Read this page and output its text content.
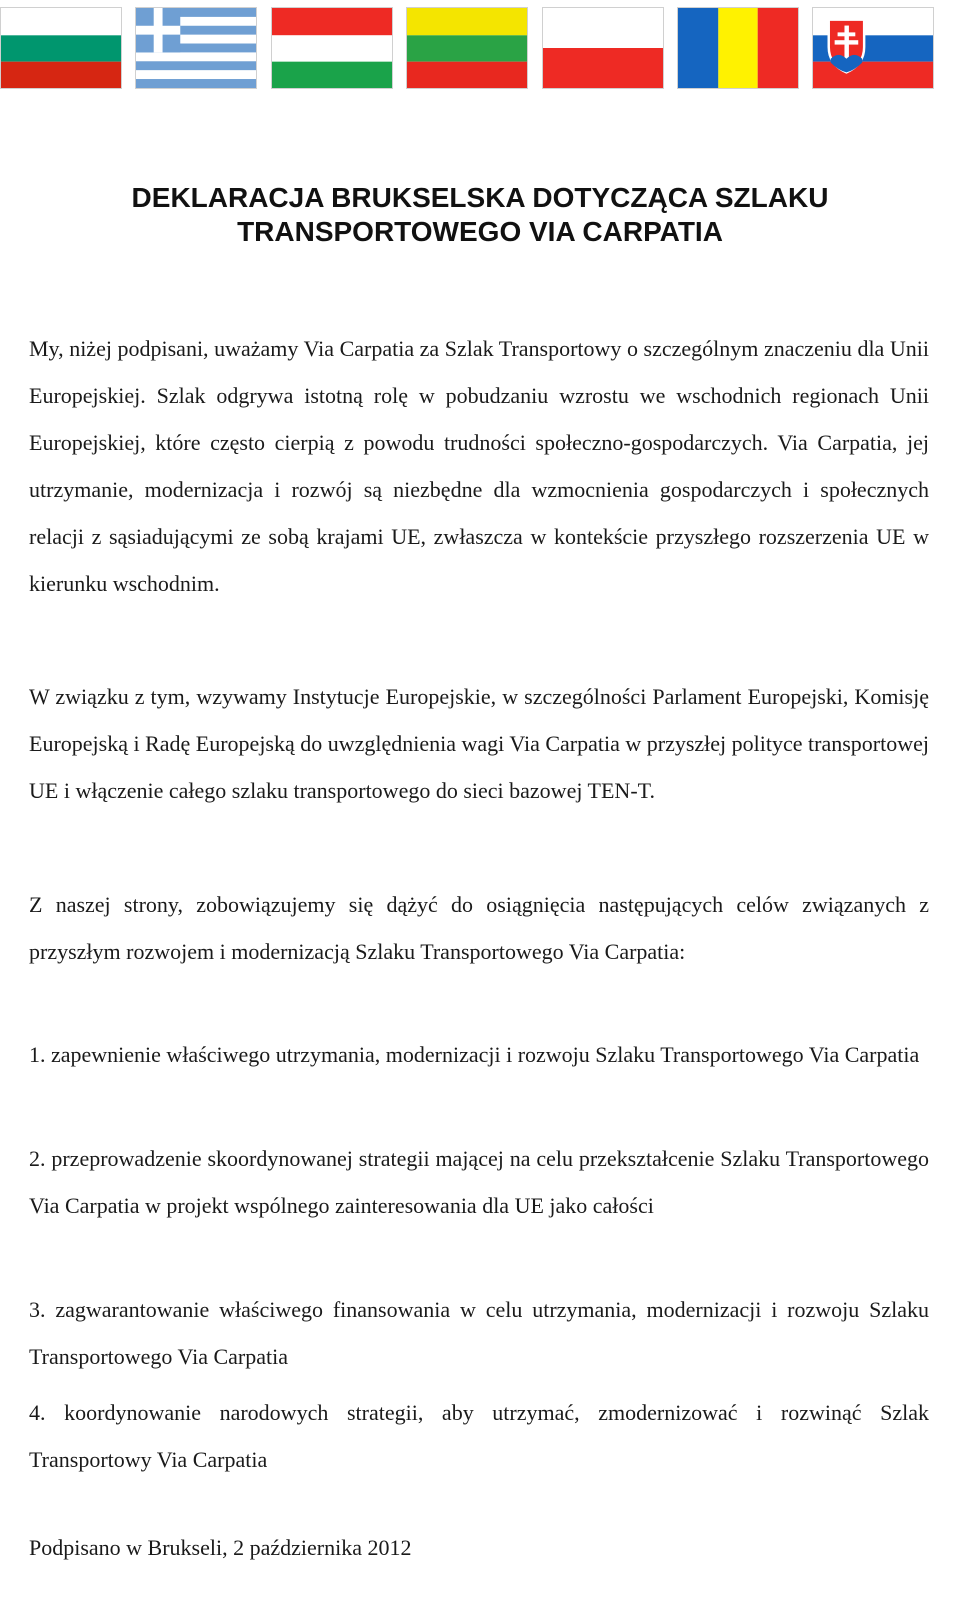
DEKLARACJA BRUKSELSKA DOTYCZĄCA SZLAKU
TRANSPORTOWEGO VIA CARPATIA

My, niżej podpisani, uważamy Via Carpatia za Szlak Transportowy o szczególnym znaczeniu dla Unii Europejskiej. Szlak odgrywa istotną rolę w pobudzaniu wzrostu we wschodnich regionach Unii Europejskiej, które często cierpią z powodu trudności społeczno-gospodarczych. Via Carpatia, jej utrzymanie, modernizacja i rozwój są niezbędne dla wzmocnienia gospodarczych i społecznych relacji z sąsiadującymi ze sobą krajami UE, zwłaszcza w kontekście przyszłego rozszerzenia UE w kierunku wschodnim.

W związku z tym, wzywamy Instytucje Europejskie, w szczególności Parlament Europejski, Komisję Europejską i Radę Europejską do uwzględnienia wagi Via Carpatia w przyszłej polityce transportowej UE i włączenie całego szlaku transportowego do sieci bazowej TEN-T.

Z naszej strony, zobowiązujemy się dążyć do osiągnięcia następujących celów związanych z przyszłym rozwojem i modernizacją Szlaku Transportowego Via Carpatia:

1. zapewnienie właściwego utrzymania, modernizacji i rozwoju Szlaku Transportowego Via Carpatia

2. przeprowadzenie skoordynowanej strategii mającej na celu przekształcenie Szlaku Transportowego Via Carpatia w projekt wspólnego zainteresowania dla UE jako całości

3. zagwarantowanie właściwego finansowania w celu utrzymania, modernizacji i rozwoju Szlaku Transportowego Via Carpatia

4. koordynowanie narodowych strategii, aby utrzymać, zmodernizować i rozwinąć Szlak Transportowy Via Carpatia

Podpisano w Brukseli, 2 października 2012
